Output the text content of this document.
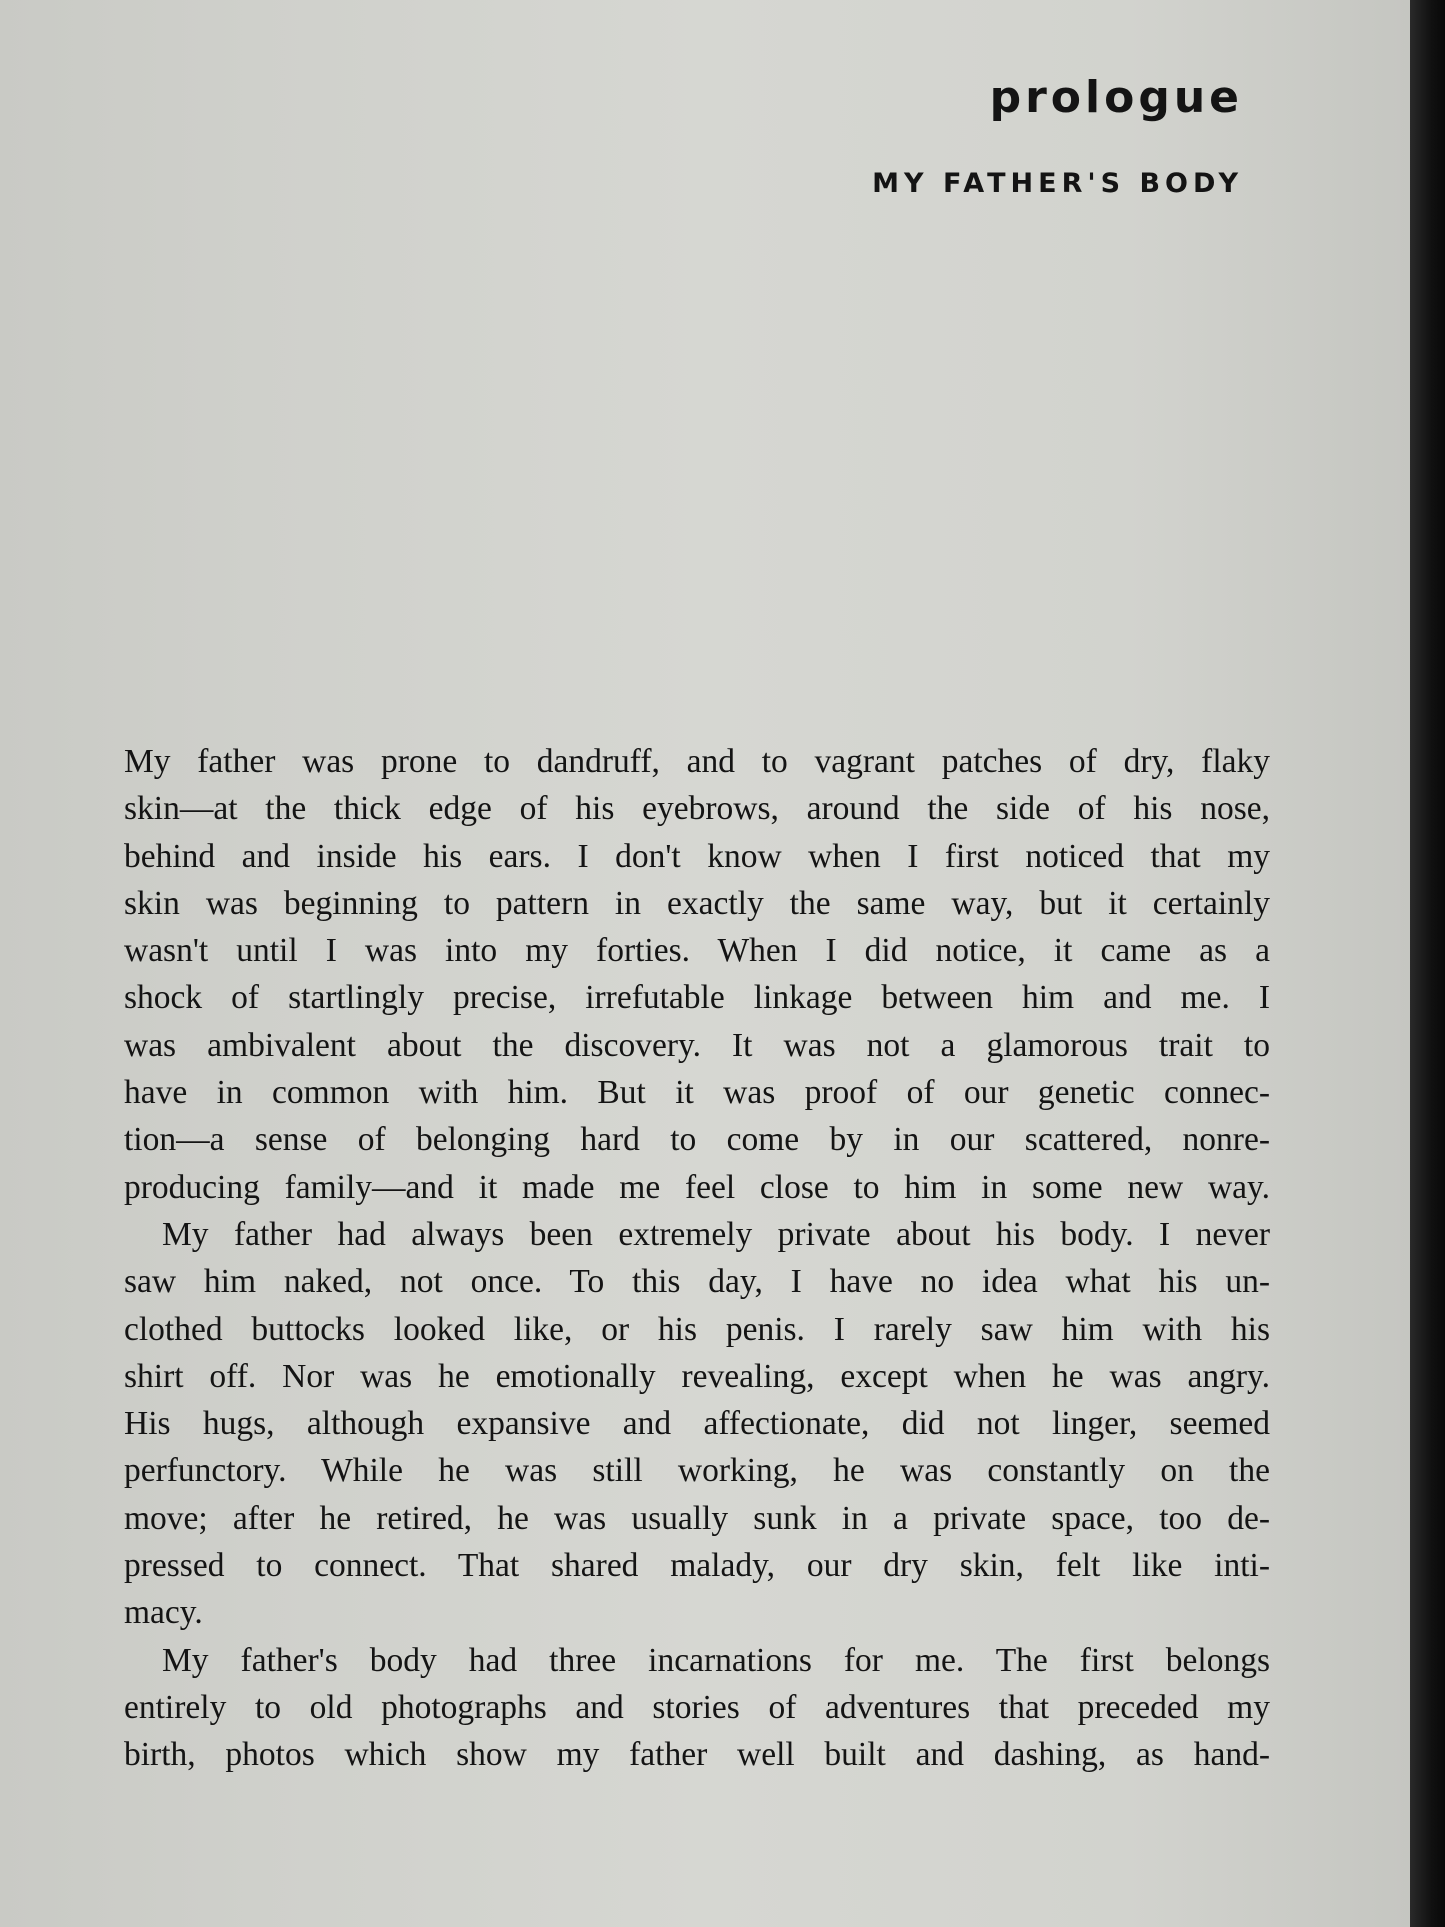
prologue
MY FATHER'S BODY
My father was prone to dandruff, and to vagrant patches of dry, flaky
skin—at the thick edge of his eyebrows, around the side of his nose,
behind and inside his ears. I don't know when I first noticed that my
skin was beginning to pattern in exactly the same way, but it certainly
wasn't until I was into my forties. When I did notice, it came as a
shock of startlingly precise, irrefutable linkage between him and me. I
was ambivalent about the discovery. It was not a glamorous trait to
have in common with him. But it was proof of our genetic connec-
tion—a sense of belonging hard to come by in our scattered, nonre-
producing family—and it made me feel close to him in some new way.
My father had always been extremely private about his body. I never
saw him naked, not once. To this day, I have no idea what his un-
clothed buttocks looked like, or his penis. I rarely saw him with his
shirt off. Nor was he emotionally revealing, except when he was angry.
His hugs, although expansive and affectionate, did not linger, seemed
perfunctory. While he was still working, he was constantly on the
move; after he retired, he was usually sunk in a private space, too de-
pressed to connect. That shared malady, our dry skin, felt like inti-
macy.
My father's body had three incarnations for me. The first belongs
entirely to old photographs and stories of adventures that preceded my
birth, photos which show my father well built and dashing, as hand-
